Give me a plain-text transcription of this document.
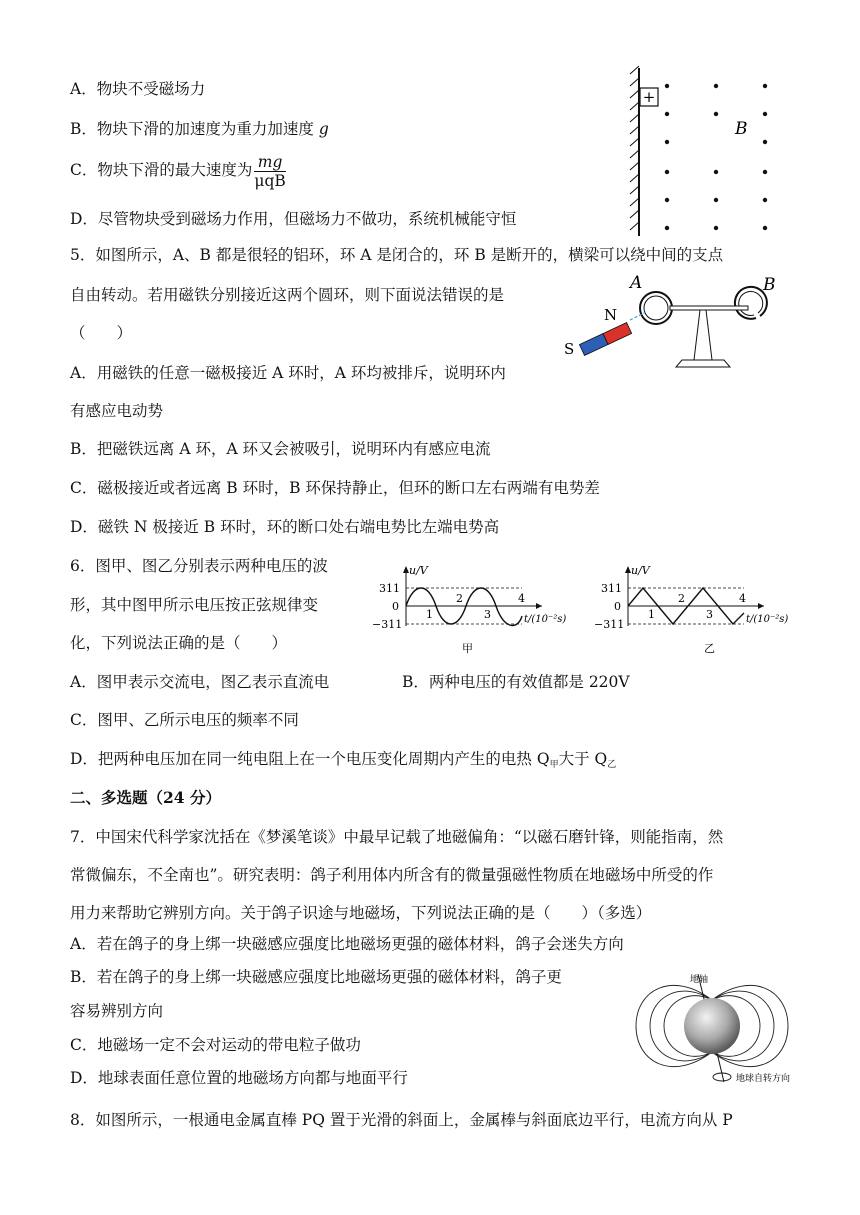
A．物块不受磁场力
B．物块下滑的加速度为重力加速度 g
C．物块下滑的最大速度为 $\frac{mg}{\text{μqB}}$
D．尽管物块受到磁场力作用，但磁场力不做功，系统机械能守恒
+
B
5．如图所示，A、B 都是很轻的铝环，环 A 是闭合的，环 B 是断开的，横梁可以绕中间的支点
自由转动。若用磁铁分别接近这两个圆环，则下面说法错误的是
（　　）
A．用磁铁的任意一磁极接近 A 环时，A 环均被排斥，说明环内
有感应电动势
B．把磁铁远离 A 环，A 环又会被吸引，说明环内有感应电流
C．磁极接近或者远离 B 环时，B 环保持静止，但环的断口左右两端有电势差
D．磁铁 N 极接近 B 环时，环的断口处右端电势比左端电势高
A	B
N
S
6．图甲、图乙分别表示两种电压的波
形，其中图甲所示电压按正弦规律变
化，下列说法正确的是（　　）
A．图甲表示交流电，图乙表示直流电	B．两种电压的有效值都是 220V
C．图甲、乙所示电压的频率不同
D．把两种电压加在同一纯电阻上在一个电压变化周期内产生的电热 $Q_甲$大于 $Q_乙$
u/V
311
0
−311
1
2
3
4
t/(10⁻²s)
甲
u/V
311
0
−311
1
2
3
4
t/(10⁻²s)
乙
二、多选题（24 分）
7．中国宋代科学家沈括在《梦溪笔谈》中最早记载了地磁偏角：“以磁石磨针锋，则能指南，然
常微偏东，不全南也”。研究表明：鸽子利用体内所含有的微量强磁性物质在地磁场中所受的作
用力来帮助它辨别方向。关于鸽子识途与地磁场，下列说法正确的是（　　）（多选）
A．若在鸽子的身上绑一块磁感应强度比地磁场更强的磁体材料，鸽子会迷失方向
B．若在鸽子的身上绑一块磁感应强度比地磁场更强的磁体材料，鸽子更
容易辨别方向
C．地磁场一定不会对运动的带电粒子做功
D．地球表面任意位置的地磁场方向都与地面平行
地轴
地球自转方向
8．如图所示，一根通电金属直棒 PQ 置于光滑的斜面上，金属棒与斜面底边平行，电流方向从 P
